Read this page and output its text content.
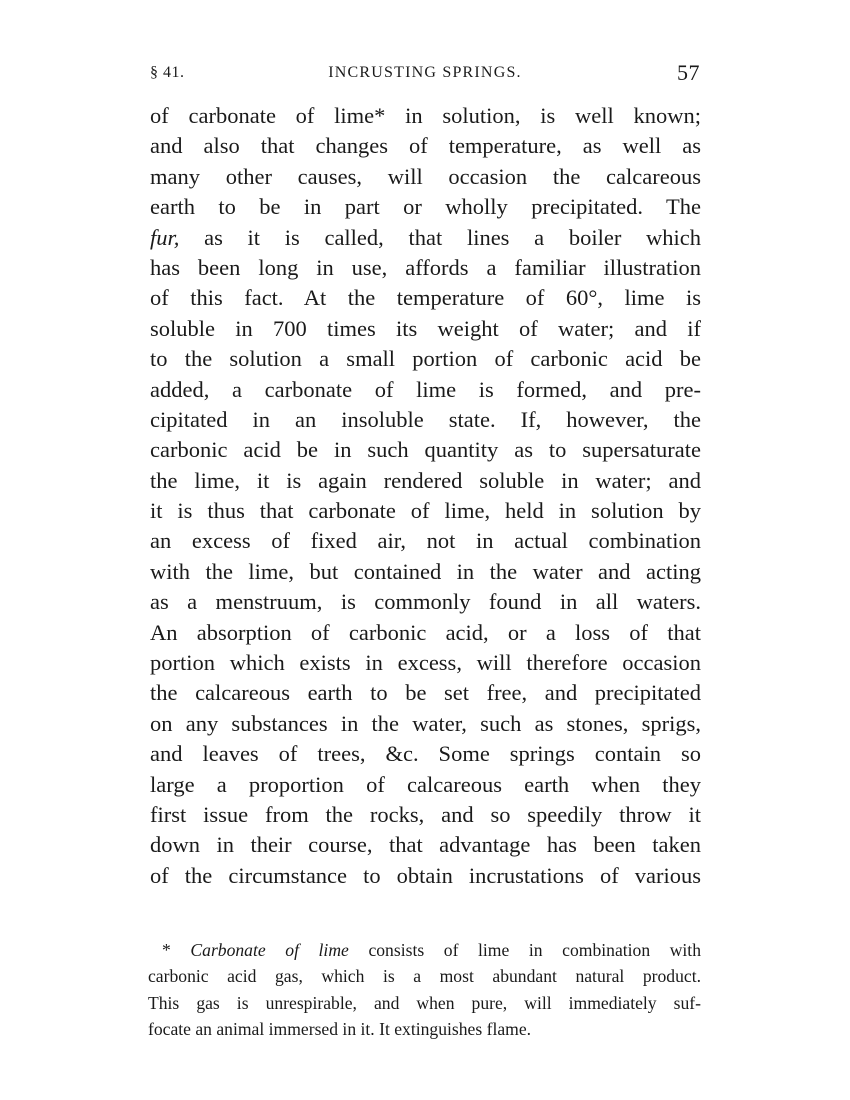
§ 41.	INCRUSTING SPRINGS.	57
of carbonate of lime* in solution, is well known;
and also that changes of temperature, as well as
many other causes, will occasion the calcareous
earth to be in part or wholly precipitated. The
fur, as it is called, that lines a boiler which
has been long in use, affords a familiar illustration
of this fact. At the temperature of 60°, lime is
soluble in 700 times its weight of water; and if
to the solution a small portion of carbonic acid be
added, a carbonate of lime is formed, and pre-
cipitated in an insoluble state. If, however, the
carbonic acid be in such quantity as to supersaturate
the lime, it is again rendered soluble in water; and
it is thus that carbonate of lime, held in solution by
an excess of fixed air, not in actual combination
with the lime, but contained in the water and acting
as a menstruum, is commonly found in all waters.
An absorption of carbonic acid, or a loss of that
portion which exists in excess, will therefore occasion
the calcareous earth to be set free, and precipitated
on any substances in the water, such as stones, sprigs,
and leaves of trees, &c. Some springs contain so
large a proportion of calcareous earth when they
first issue from the rocks, and so speedily throw it
down in their course, that advantage has been taken
of the circumstance to obtain incrustations of various
* Carbonate of lime consists of lime in combination with
carbonic acid gas, which is a most abundant natural product.
This gas is unrespirable, and when pure, will immediately suf-
focate an animal immersed in it. It extinguishes flame.
